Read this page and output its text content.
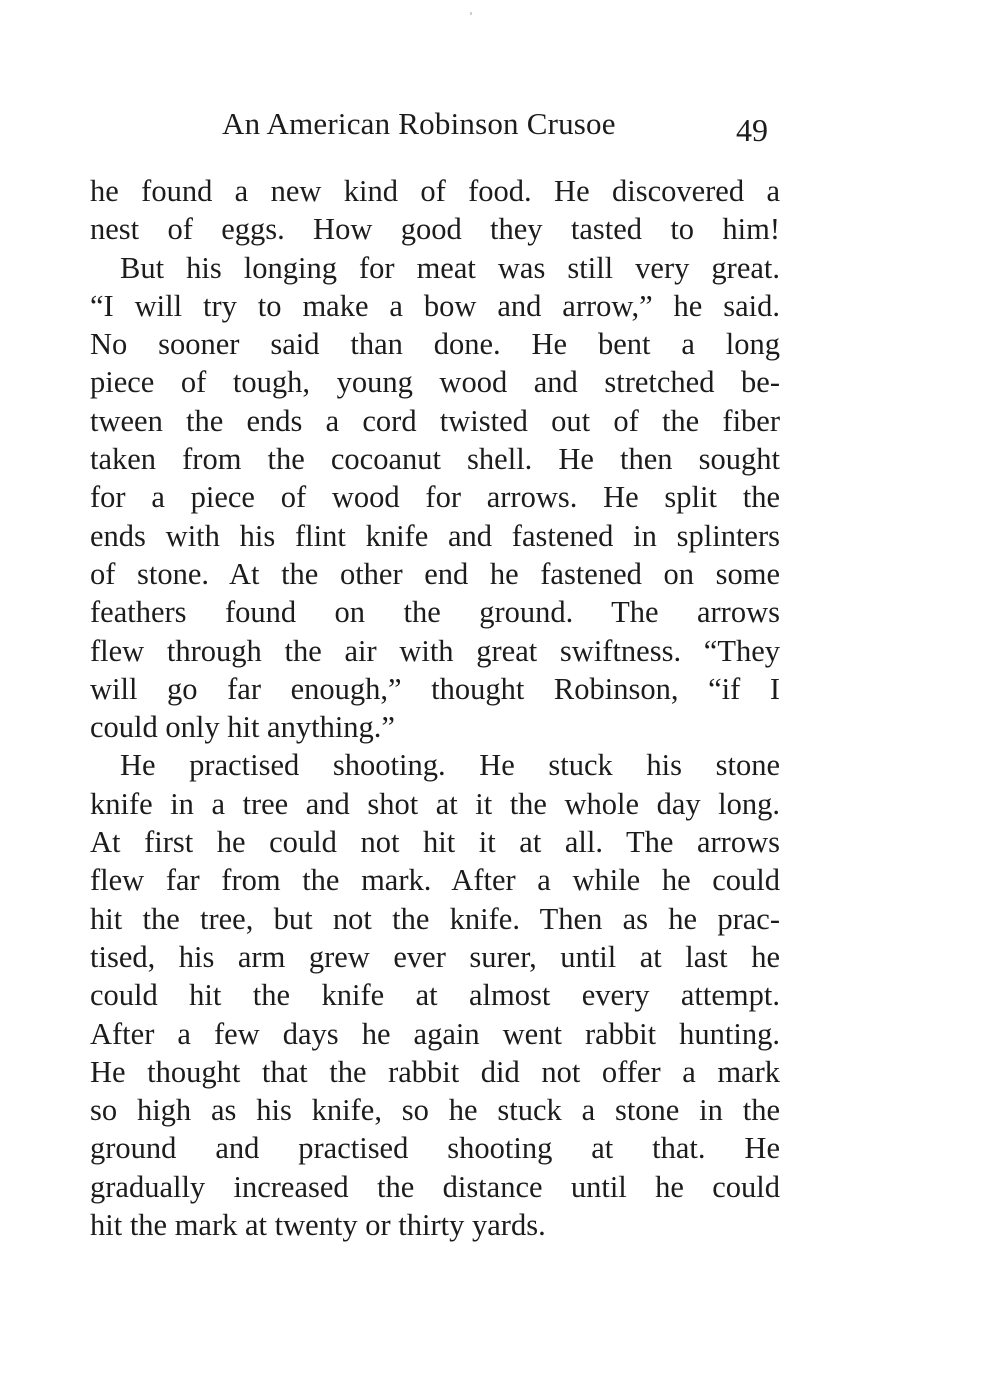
An American Robinson Crusoe	49
he found a new kind of food. He discovered a
nest of eggs. How good they tasted to him!
But his longing for meat was still very great.
“I will try to make a bow and arrow,” he said.
No sooner said than done. He bent a long
piece of tough, young wood and stretched be-
tween the ends a cord twisted out of the fiber
taken from the cocoanut shell. He then sought
for a piece of wood for arrows. He split the
ends with his flint knife and fastened in splinters
of stone. At the other end he fastened on some
feathers found on the ground. The arrows
flew through the air with great swiftness. “They
will go far enough,” thought Robinson, “if I
could only hit anything.”
He practised shooting. He stuck his stone
knife in a tree and shot at it the whole day long.
At first he could not hit it at all. The arrows
flew far from the mark. After a while he could
hit the tree, but not the knife. Then as he prac-
tised, his arm grew ever surer, until at last he
could hit the knife at almost every attempt.
After a few days he again went rabbit hunting.
He thought that the rabbit did not offer a mark
so high as his knife, so he stuck a stone in the
ground and practised shooting at that. He
gradually increased the distance until he could
hit the mark at twenty or thirty yards.
